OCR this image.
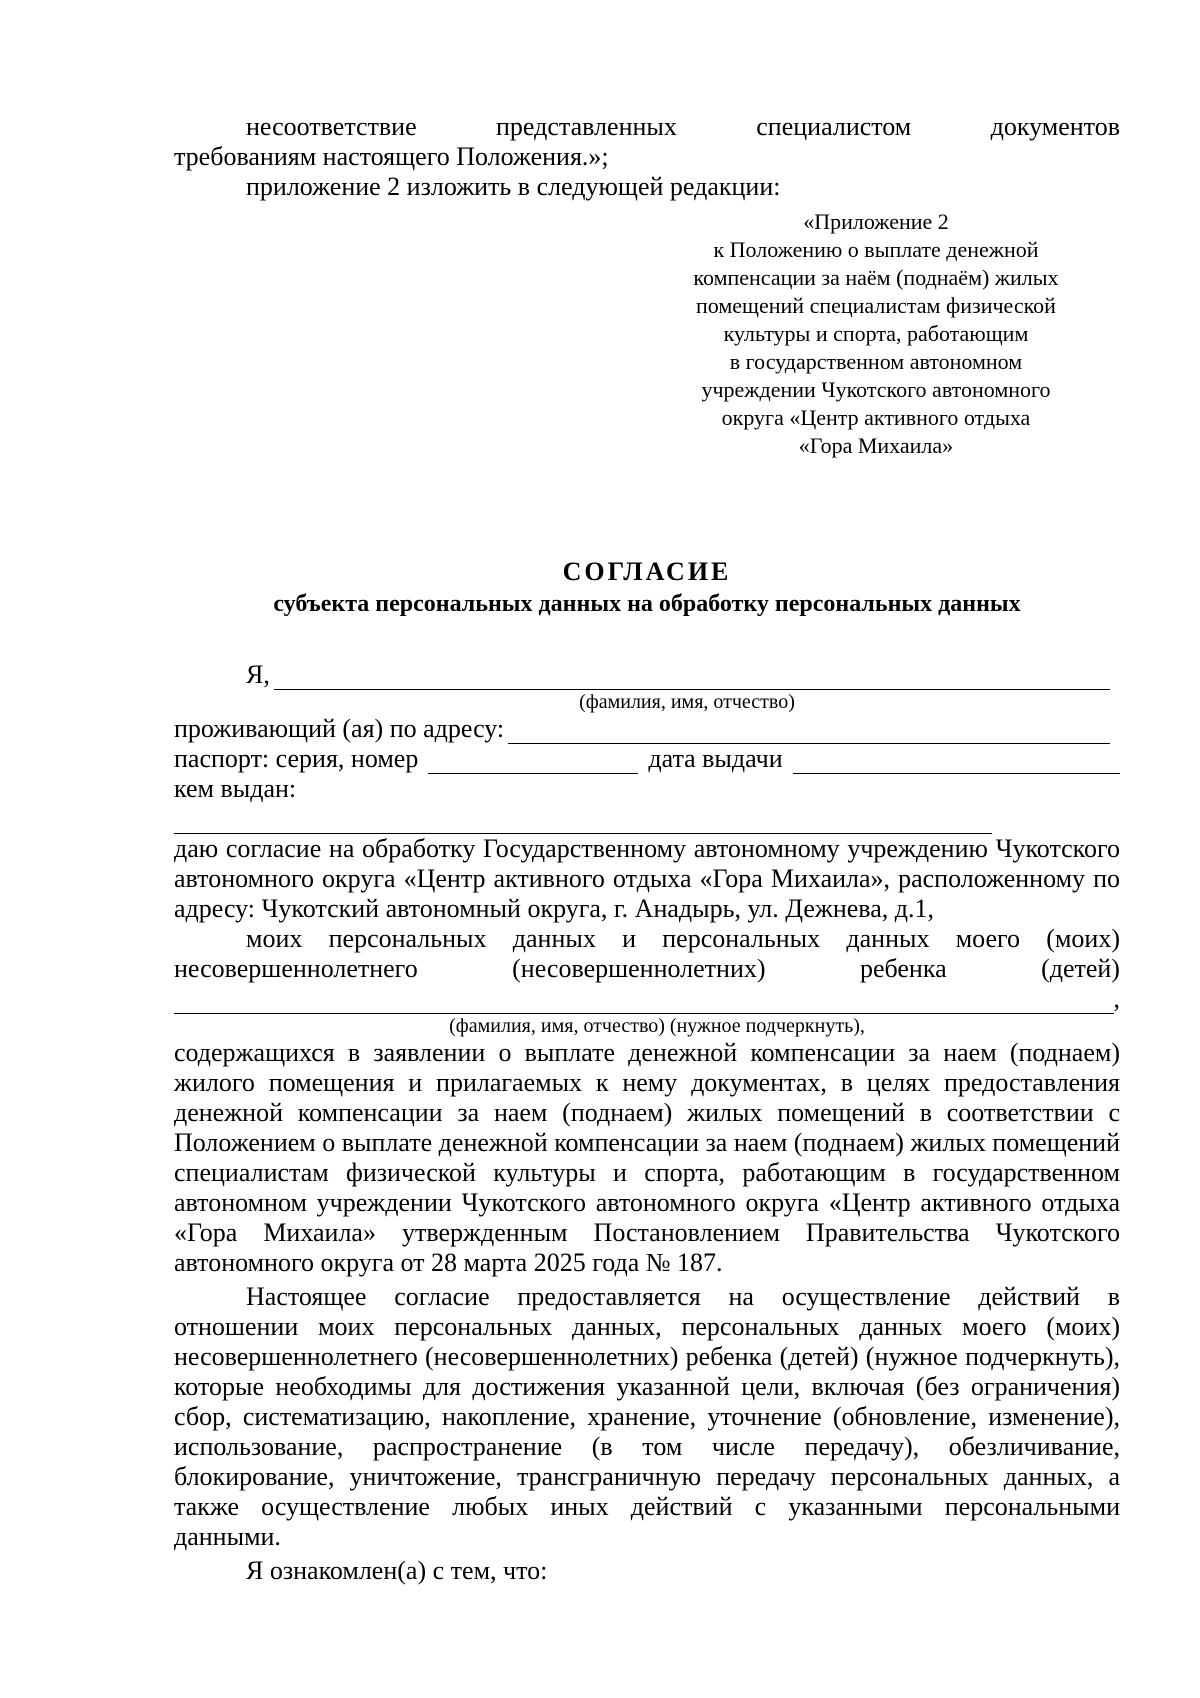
несоответствие	представленных	специалистом	документов

требованиям настоящего Положения.»;

приложение 2 изложить в следующей редакции:

«Приложение 2
к Положению о выплате денежной
компенсации за наём (поднаём) жилых
помещений специалистам физической
культуры и спорта, работающим
в государственном автономном
учреждении Чукотского автономного
округа «Центр активного отдыха
«Гора Михаила»
СОГЛАСИЕ
субъекта персональных данных на обработку персональных данных
Я,
(фамилия, имя, отчество)
проживающий (ая) по адресу:
паспорт: серия, номер	дата выдачи
кем выдан:

даю согласие на обработку Государственному автономному учреждению Чукотского автономного округа «Центр активного отдыха «Гора Михаила», расположенному по адресу: Чукотский автономный округа, г. Анадырь, ул. Дежнева, д.1,

моих персональных данных и персональных данных моего (моих)

несовершеннолетнего	(несовершеннолетних)	ребенка	(детей)
,
(фамилия, имя, отчество) (нужное подчеркнуть),

содержащихся в заявлении о выплате денежной компенсации за наем (поднаем) жилого помещения и прилагаемых к нему документах, в целях предоставления денежной компенсации за наем (поднаем) жилых помещений в соответствии с Положением о выплате денежной компенсации за наем (поднаем) жилых помещений специалистам физической культуры и спорта, работающим в государственном автономном учреждении Чукотского автономного округа «Центр активного отдыха «Гора Михаила» утвержденным Постановлением Правительства Чукотского автономного округа от 28 марта 2025 года № 187.

Настоящее согласие предоставляется на осуществление действий в отношении моих персональных данных, персональных данных моего (моих) несовершеннолетнего (несовершеннолетних) ребенка (детей) (нужное подчеркнуть), которые необходимы для достижения указанной цели, включая (без ограничения) сбор, систематизацию, накопление, хранение, уточнение (обновление, изменение), использование, распространение (в том числе передачу), обезличивание, блокирование, уничтожение, трансграничную передачу персональных данных, а также осуществление любых иных действий с указанными персональными данными.

Я ознакомлен(а) с тем, что:
